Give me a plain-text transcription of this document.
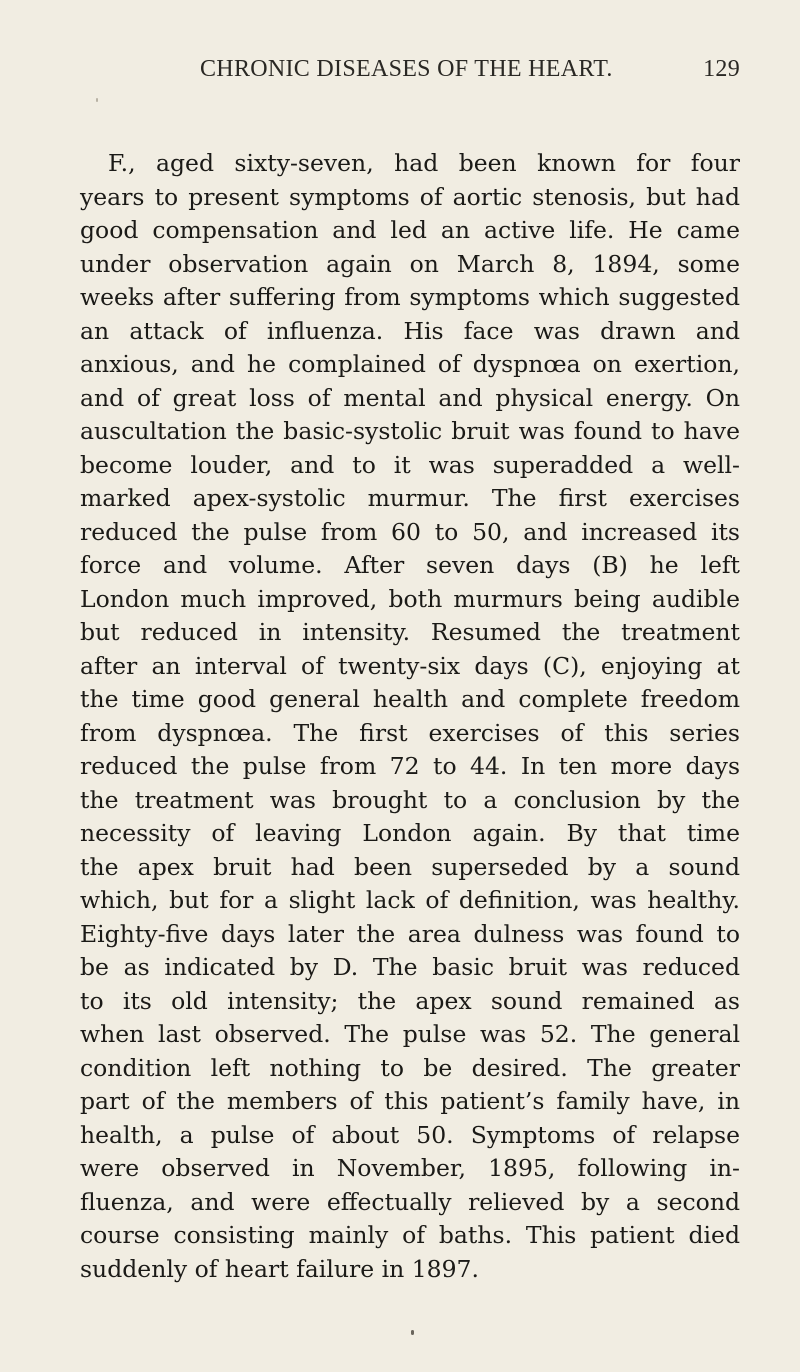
CHRONIC DISEASES OF THE HEART.	129
F., aged sixty-seven, had been known for four
years to present symptoms of aortic stenosis, but had
good compensation and led an active life. He came
under observation again on March 8, 1894, some
weeks after suffering from symptoms which suggested
an attack of influenza. His face was drawn and
anxious, and he complained of dyspnœa on exertion,
and of great loss of mental and physical energy. On
auscultation the basic-systolic bruit was found to have
become louder, and to it was superadded a well-
marked apex-systolic murmur. The first exercises
reduced the pulse from 60 to 50, and increased its
force and volume. After seven days (B) he left
London much improved, both murmurs being audible
but reduced in intensity. Resumed the treatment
after an interval of twenty-six days (C), enjoying at
the time good general health and complete freedom
from dyspnœa. The first exercises of this series
reduced the pulse from 72 to 44. In ten more days
the treatment was brought to a conclusion by the
necessity of leaving London again. By that time
the apex bruit had been superseded by a sound
which, but for a slight lack of definition, was healthy.
Eighty-five days later the area dulness was found to
be as indicated by D. The basic bruit was reduced
to its old intensity; the apex sound remained as
when last observed. The pulse was 52. The general
condition left nothing to be desired. The greater
part of the members of this patient’s family have, in
health, a pulse of about 50. Symptoms of relapse
were observed in November, 1895, following in-
fluenza, and were effectually relieved by a second
course consisting mainly of baths. This patient died
suddenly of heart failure in 1897.
